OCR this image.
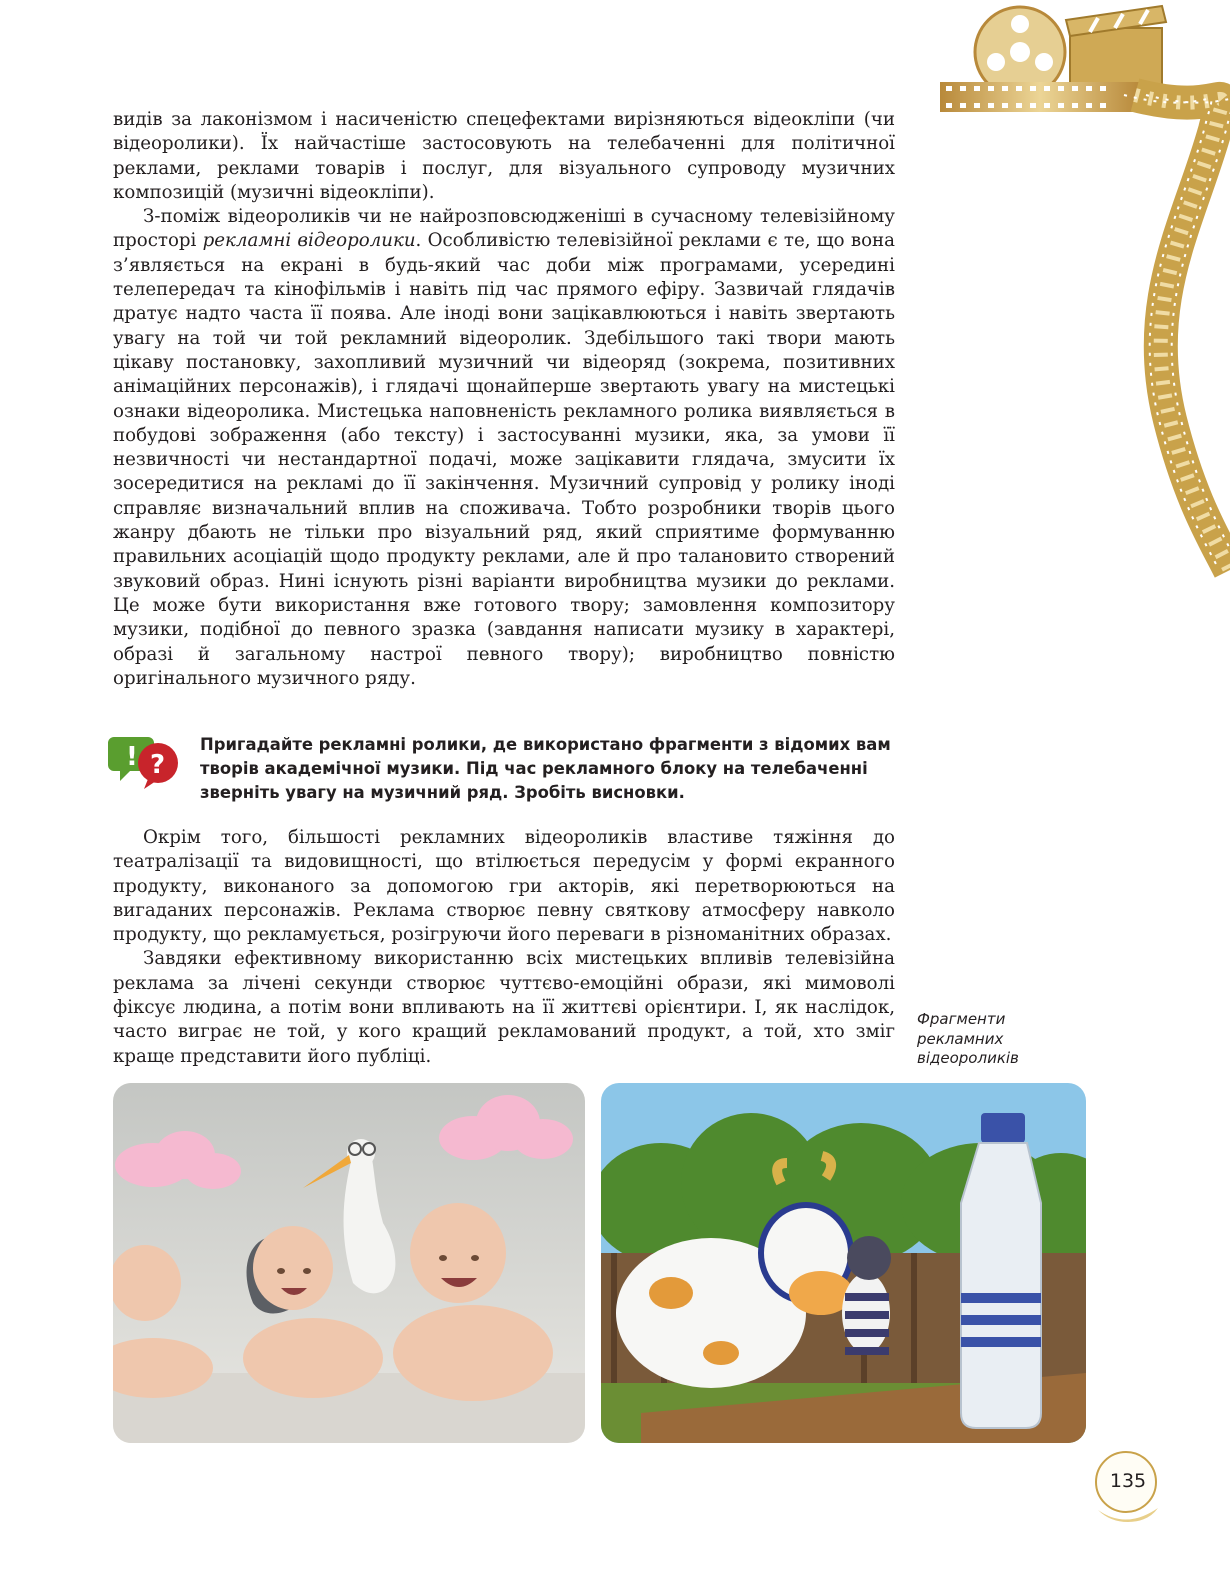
видів за лаконізмом і насиченістю спецефектами вирізняються відеокліпи (чи відеоролики). Їх найчастіше застосовують на телебаченні для політичної реклами, реклами товарів і послуг, для візуального супроводу музичних композицій (музичні відеокліпи).

З-поміж відеороликів чи не найрозповсюдженіші в сучасному телевізійному просторі рекламні відеоролики. Особливістю телевізійної реклами є те, що вона з’являється на екрані в будь-який час доби між програмами, усередині телепередач та кінофільмів і навіть під час прямого ефіру. Зазвичай глядачів дратує надто часта її поява. Але іноді вони зацікавлюються і навіть звертають увагу на той чи той рекламний відеоролик. Здебільшого такі твори мають цікаву постановку, захопливий музичний чи відеоряд (зокрема, позитивних анімаційних персонажів), і глядачі щонайперше звертають увагу на мистецькі ознаки відеоролика. Мистецька наповненість рекламного ролика виявляється в побудові зображення (або тексту) і застосуванні музики, яка, за умови її незвичності чи нестандартної подачі, може зацікавити глядача, змусити їх зосередитися на рекламі до її закінчення. Музичний супровід у ролику іноді справляє визначальний вплив на споживача. Тобто розробники творів цього жанру дбають не тільки про візуальний ряд, який сприятиме формуванню правильних асоціацій щодо продукту реклами, але й про талановито створений звуковий образ. Нині існують різні варіанти виробництва музики до реклами. Це може бути використання вже готового твору; замовлення композитору музики, подібної до певного зразка (завдання написати музику в характері, образі й загальному настрої певного твору); виробництво повністю оригінального музичного ряду.

! ?
Пригадайте рекламні ролики, де використано фрагменти з відомих вам творів академічної музики. Під час рекламного блоку на телебаченні зверніть увагу на музичний ряд. Зробіть висновки.

Окрім того, більшості рекламних відеороликів властиве тяжіння до театралізації та видовищності, що втілюється передусім у формі екранного продукту, виконаного за допомогою гри акторів, які перетворюються на вигаданих персонажів. Реклама створює певну святкову атмосферу навколо продукту, що рекламується, розігруючи його переваги в різноманітних образах.

Завдяки ефективному використанню всіх мистецьких впливів телевізійна реклама за лічені секунди створює чуттєво-емоційні образи, які мимоволі фіксує людина, а потім вони впливають на її життєві орієнтири. І, як наслідок, часто виграє не той, у кого кращий рекламований продукт, а той, хто зміг краще представити його публіці.

Фрагменти рекламних відеороликів
135
